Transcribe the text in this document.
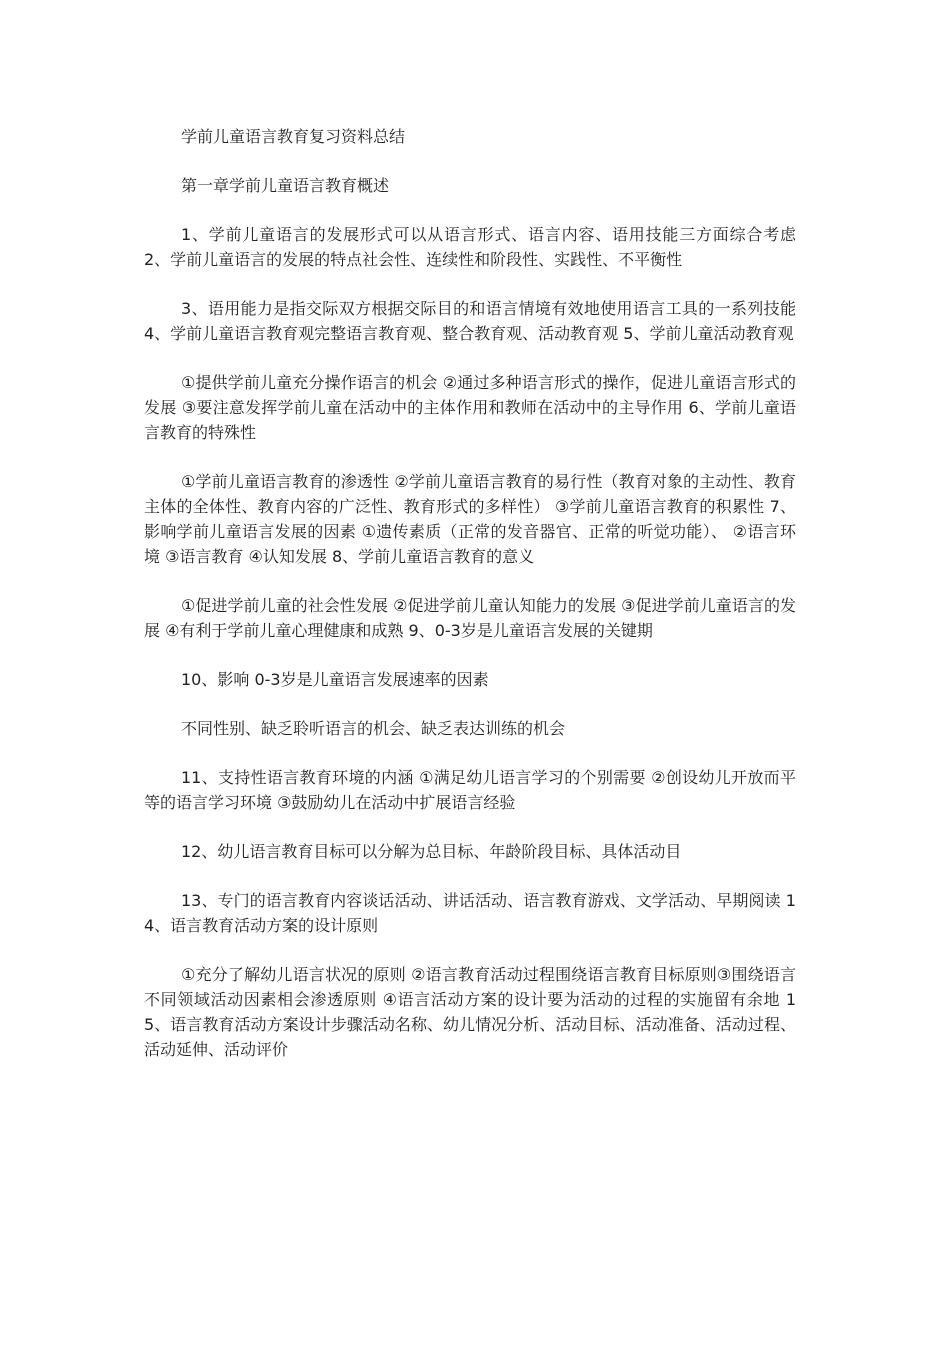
学前儿童语言教育复习资料总结

第一章学前儿童语言教育概述

1、学前儿童语言的发展形式可以从语言形式、语言内容、语用技能三方面综合考虑 2、学前儿童语言的发展的特点社会性、连续性和阶段性、实践性、不平衡性

3、语用能力是指交际双方根据交际目的和语言情境有效地使用语言工具的一系列技能 4、学前儿童语言教育观完整语言教育观、整合教育观、活动教育观 5、学前儿童活动教育观

①提供学前儿童充分操作语言的机会 ②通过多种语言形式的操作，促进儿童语言形式的发展 ③要注意发挥学前儿童在活动中的主体作用和教师在活动中的主导作用 6、学前儿童语言教育的特殊性

①学前儿童语言教育的渗透性 ②学前儿童语言教育的易行性（教育对象的主动性、教育主体的全体性、教育内容的广泛性、教育形式的多样性） ③学前儿童语言教育的积累性 7、影响学前儿童语言发展的因素 ①遗传素质（正常的发音器官、正常的听觉功能）、 ②语言环境 ③语言教育 ④认知发展 8、学前儿童语言教育的意义

①促进学前儿童的社会性发展 ②促进学前儿童认知能力的发展 ③促进学前儿童语言的发展 ④有利于学前儿童心理健康和成熟 9、0-3岁是儿童语言发展的关键期

10、影响 0-3岁是儿童语言发展速率的因素

不同性别、缺乏聆听语言的机会、缺乏表达训练的机会

11、支持性语言教育环境的内涵 ①满足幼儿语言学习的个别需要 ②创设幼儿开放而平等的语言学习环境 ③鼓励幼儿在活动中扩展语言经验

12、幼儿语言教育目标可以分解为总目标、年龄阶段目标、具体活动目

13、专门的语言教育内容谈话活动、讲话活动、语言教育游戏、文学活动、早期阅读 14、语言教育活动方案的设计原则

①充分了解幼儿语言状况的原则 ②语言教育活动过程围绕语言教育目标原则③围绕语言不同领域活动因素相会渗透原则 ④语言活动方案的设计要为活动的过程的实施留有余地 15、语言教育活动方案设计步骤活动名称、幼儿情况分析、活动目标、活动准备、活动过程、活动延伸、活动评价
